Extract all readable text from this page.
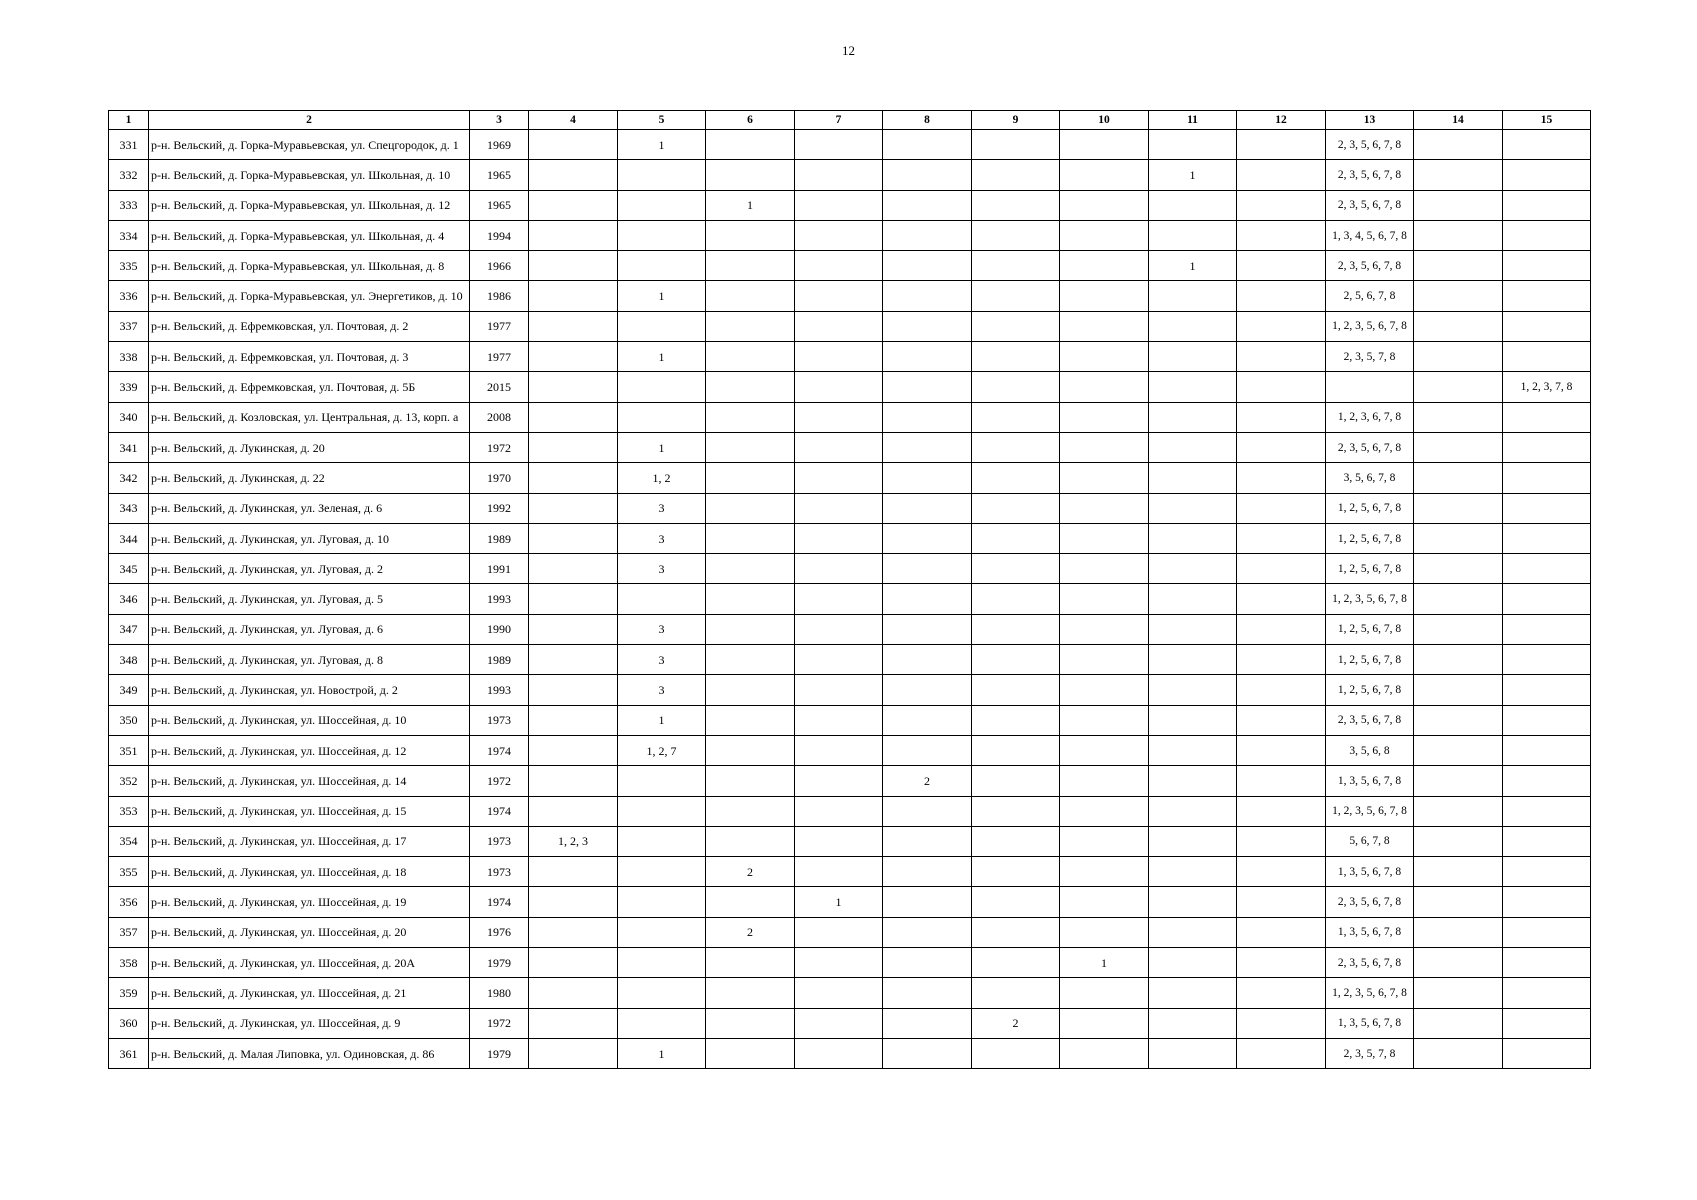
12
1	2	3	4	5	6	7	8	9	10	11	12	13	14	15
331	р-н. Вельский, д. Горка-Муравьевская, ул. Спецгородок, д. 1	1969		1								2, 3, 5, 6, 7, 8		
332	р-н. Вельский, д. Горка-Муравьевская, ул. Школьная, д. 10	1965								1		2, 3, 5, 6, 7, 8		
333	р-н. Вельский, д. Горка-Муравьевская, ул. Школьная, д. 12	1965			1							2, 3, 5, 6, 7, 8		
334	р-н. Вельский, д. Горка-Муравьевская, ул. Школьная, д. 4	1994										1, 3, 4, 5, 6, 7, 8		
335	р-н. Вельский, д. Горка-Муравьевская, ул. Школьная, д. 8	1966								1		2, 3, 5, 6, 7, 8		
336	р-н. Вельский, д. Горка-Муравьевская, ул. Энергетиков, д. 10	1986		1								2, 5, 6, 7, 8		
337	р-н. Вельский, д. Ефремковская, ул. Почтовая, д. 2	1977										1, 2, 3, 5, 6, 7, 8		
338	р-н. Вельский, д. Ефремковская, ул. Почтовая, д. 3	1977		1								2, 3, 5, 7, 8		
339	р-н. Вельский, д. Ефремковская, ул. Почтовая, д. 5Б	2015												1, 2, 3, 7, 8
340	р-н. Вельский, д. Козловская, ул. Центральная, д. 13, корп. а	2008										1, 2, 3, 6, 7, 8		
341	р-н. Вельский, д. Лукинская, д. 20	1972		1								2, 3, 5, 6, 7, 8		
342	р-н. Вельский, д. Лукинская, д. 22	1970		1, 2								3, 5, 6, 7, 8		
343	р-н. Вельский, д. Лукинская, ул. Зеленая, д. 6	1992		3								1, 2, 5, 6, 7, 8		
344	р-н. Вельский, д. Лукинская, ул. Луговая, д. 10	1989		3								1, 2, 5, 6, 7, 8		
345	р-н. Вельский, д. Лукинская, ул. Луговая, д. 2	1991		3								1, 2, 5, 6, 7, 8		
346	р-н. Вельский, д. Лукинская, ул. Луговая, д. 5	1993										1, 2, 3, 5, 6, 7, 8		
347	р-н. Вельский, д. Лукинская, ул. Луговая, д. 6	1990		3								1, 2, 5, 6, 7, 8		
348	р-н. Вельский, д. Лукинская, ул. Луговая, д. 8	1989		3								1, 2, 5, 6, 7, 8		
349	р-н. Вельский, д. Лукинская, ул. Новострой, д. 2	1993		3								1, 2, 5, 6, 7, 8		
350	р-н. Вельский, д. Лукинская, ул. Шоссейная, д. 10	1973		1								2, 3, 5, 6, 7, 8		
351	р-н. Вельский, д. Лукинская, ул. Шоссейная, д. 12	1974		1, 2, 7								3, 5, 6, 8		
352	р-н. Вельский, д. Лукинская, ул. Шоссейная, д. 14	1972					2					1, 3, 5, 6, 7, 8		
353	р-н. Вельский, д. Лукинская, ул. Шоссейная, д. 15	1974										1, 2, 3, 5, 6, 7, 8		
354	р-н. Вельский, д. Лукинская, ул. Шоссейная, д. 17	1973	1, 2, 3									5, 6, 7, 8		
355	р-н. Вельский, д. Лукинская, ул. Шоссейная, д. 18	1973			2							1, 3, 5, 6, 7, 8		
356	р-н. Вельский, д. Лукинская, ул. Шоссейная, д. 19	1974				1						2, 3, 5, 6, 7, 8		
357	р-н. Вельский, д. Лукинская, ул. Шоссейная, д. 20	1976			2							1, 3, 5, 6, 7, 8		
358	р-н. Вельский, д. Лукинская, ул. Шоссейная, д. 20А	1979							1			2, 3, 5, 6, 7, 8		
359	р-н. Вельский, д. Лукинская, ул. Шоссейная, д. 21	1980										1, 2, 3, 5, 6, 7, 8		
360	р-н. Вельский, д. Лукинская, ул. Шоссейная, д. 9	1972						2				1, 3, 5, 6, 7, 8		
361	р-н. Вельский, д. Малая Липовка, ул. Одиновская, д. 86	1979		1								2, 3, 5, 7, 8		
